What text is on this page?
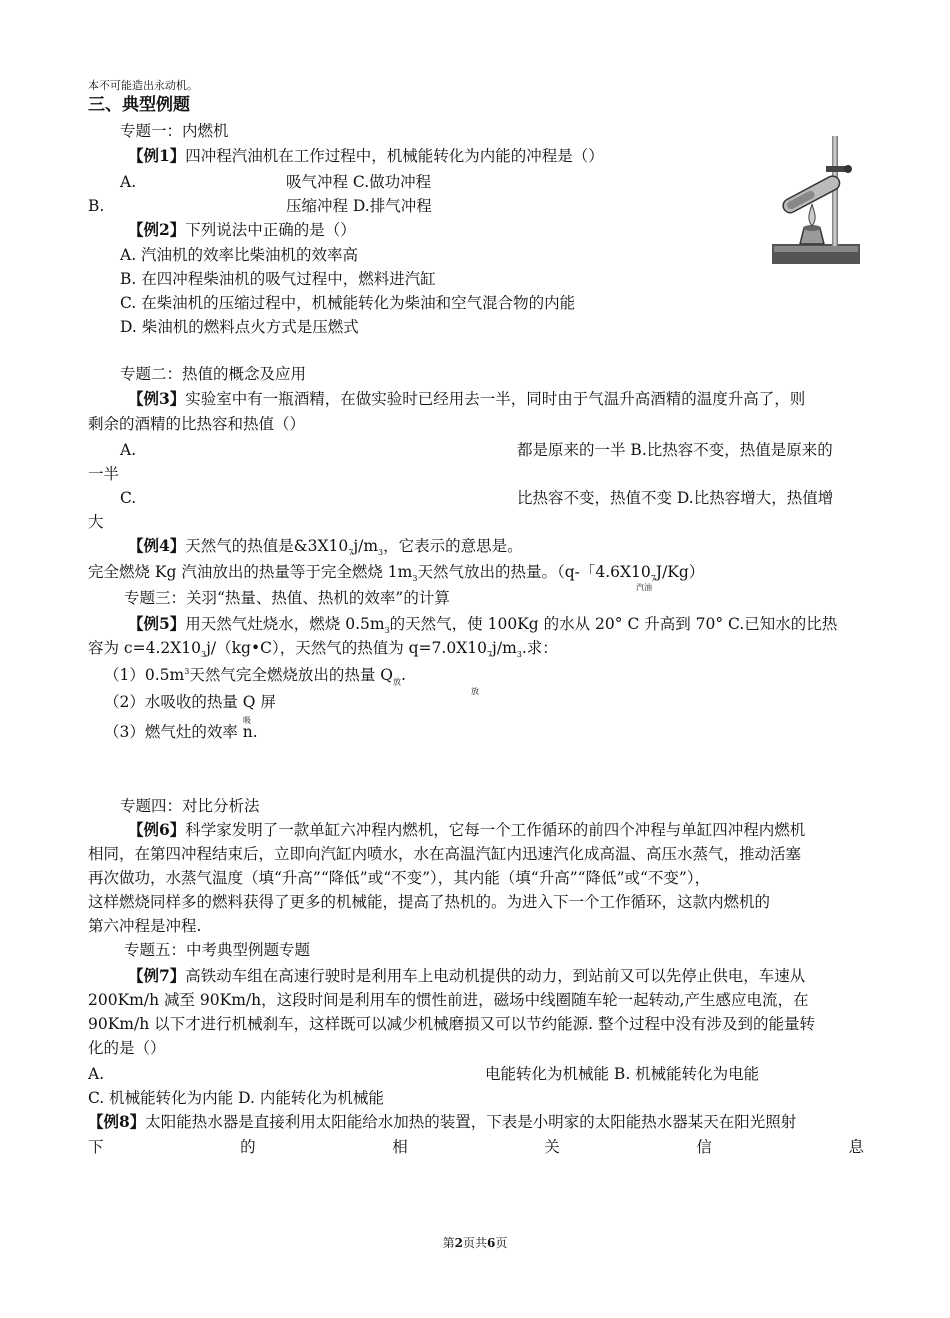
本不可能造出永动机。
三、典型例题
专题一：内燃机
【例1】四冲程汽油机在工作过程中，机械能转化为内能的冲程是（）
A.	吸气冲程 C.做功冲程
B.	压缩冲程 D.排气冲程
【例2】下列说法中正确的是（）
A. 汽油机的效率比柴油机的效率高
B. 在四冲程柴油机的吸气过程中，燃料进汽缸
C. 在柴油机的压缩过程中，机械能转化为柴油和空气混合物的内能
D. 柴油机的燃料点火方式是压燃式
专题二：热值的概念及应用
【例3】实验室中有一瓶酒精，在做实验时已经用去一半，同时由于气温升高酒精的温度升高了，则
剩余的酒精的比热容和热值（）
A.	都是原来的一半 B.比热容不变，热值是原来的
一半
C.	比热容不变，热值不变 D.比热容增大，热值增
大
【例4】天然气的热值是$\&3X10_7j/m_3$，它表示的意思是。
完全燃烧 Kg 汽油放出的热量等于完全燃烧 $1m_3$天然气放出的热量。（q-「$4.6X10_7J/Kg$）
汽油
专题三：关羽“热量、热值、热机的效率”的计算
【例5】用天然气灶烧水，燃烧 $0.5m_3$的天然气，使 100Kg 的水从 20° C 升高到 70° C.已知水的比热
容为 $c=4.2X10_3j/(kg•C)$，天然气的热值为 $q=7.0X10_7j/m_3$.求：
$(1)0.5m^3$天然气完全燃烧放出的热量 $Q_放$.
放
（2）水吸收的热量 Q 屏
吸
（3）燃气灶的效率 n.
专题四：对比分析法
【例6】科学家发明了一款单缸六冲程内燃机，它每一个工作循环的前四个冲程与单缸四冲程内燃机
相同，在第四冲程结束后，立即向汽缸内喷水，水在高温汽缸内迅速汽化成高温、高压水蒸气，推动活塞
再次做功，水蒸气温度（填“升高”“降低”或“不变”），其内能（填“升高”“降低”或“不变”），
这样燃烧同样多的燃料获得了更多的机械能，提高了热机的。为进入下一个工作循环，这款内燃机的
第六冲程是冲程.
专题五：中考典型例题专题
【例7】高铁动车组在高速行驶时是利用车上电动机提供的动力，到站前又可以先停止供电，车速从
200Km/h 减至 90Km/h，这段时间是利用车的惯性前进，磁场中线圈随车轮一起转动,产生感应电流，在
90Km/h 以下才进行机械刹车，这样既可以减少机械磨损又可以节约能源. 整个过程中没有涉及到的能量转
化的是（）
A.	电能转化为机械能 B. 机械能转化为电能
C. 机械能转化为内能 D. 内能转化为机械能
【例8】太阳能热水器是直接利用太阳能给水加热的装置，下表是小明家的太阳能热水器某天在阳光照射
下	的	相	关	信	息
第2页共6页
